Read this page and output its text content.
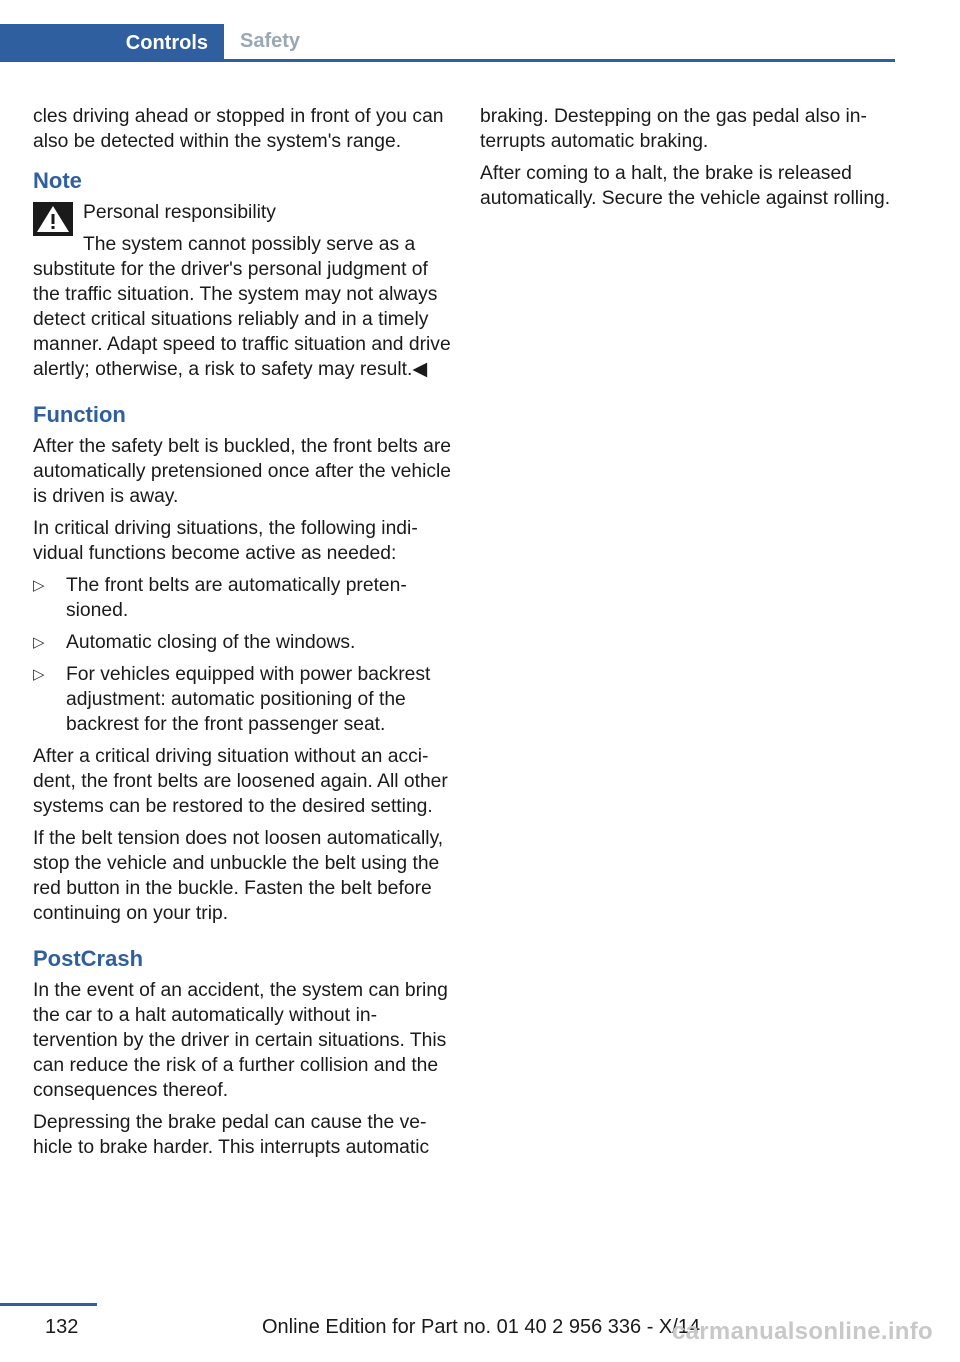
Controls Safety

cles driving ahead or stopped in front of you can also be detected within the system's range.

Note
Personal responsibility
The system cannot possibly serve as a

substitute for the driver's personal judgment of the traffic situation. The system may not always detect critical situations reliably and in a timely manner. Adapt speed to traffic situation and drive alertly; otherwise, a risk to safety may result.◀

Function

After the safety belt is buckled, the front belts are automatically pretensioned once after the vehicle is driven is away.

In critical driving situations, the following individual functions become active as needed:

▷ The front belts are automatically pretensioned.
▷ Automatic closing of the windows.
▷ For vehicles equipped with power backrest adjustment: automatic positioning of the backrest for the front passenger seat.

After a critical driving situation without an accident, the front belts are loosened again. All other systems can be restored to the desired setting.

If the belt tension does not loosen automatically, stop the vehicle and unbuckle the belt using the red button in the buckle. Fasten the belt before continuing on your trip.

PostCrash

In the event of an accident, the system can bring the car to a halt automatically without intervention by the driver in certain situations. This can reduce the risk of a further collision and the consequences thereof.

Depressing the brake pedal can cause the vehicle to brake harder. This interrupts automatic

braking. Destepping on the gas pedal also interrupts automatic braking.

After coming to a halt, the brake is released automatically. Secure the vehicle against rolling.

132	Online Edition for Part no. 01 40 2 956 336 - X/14
carmanualsonline.info
